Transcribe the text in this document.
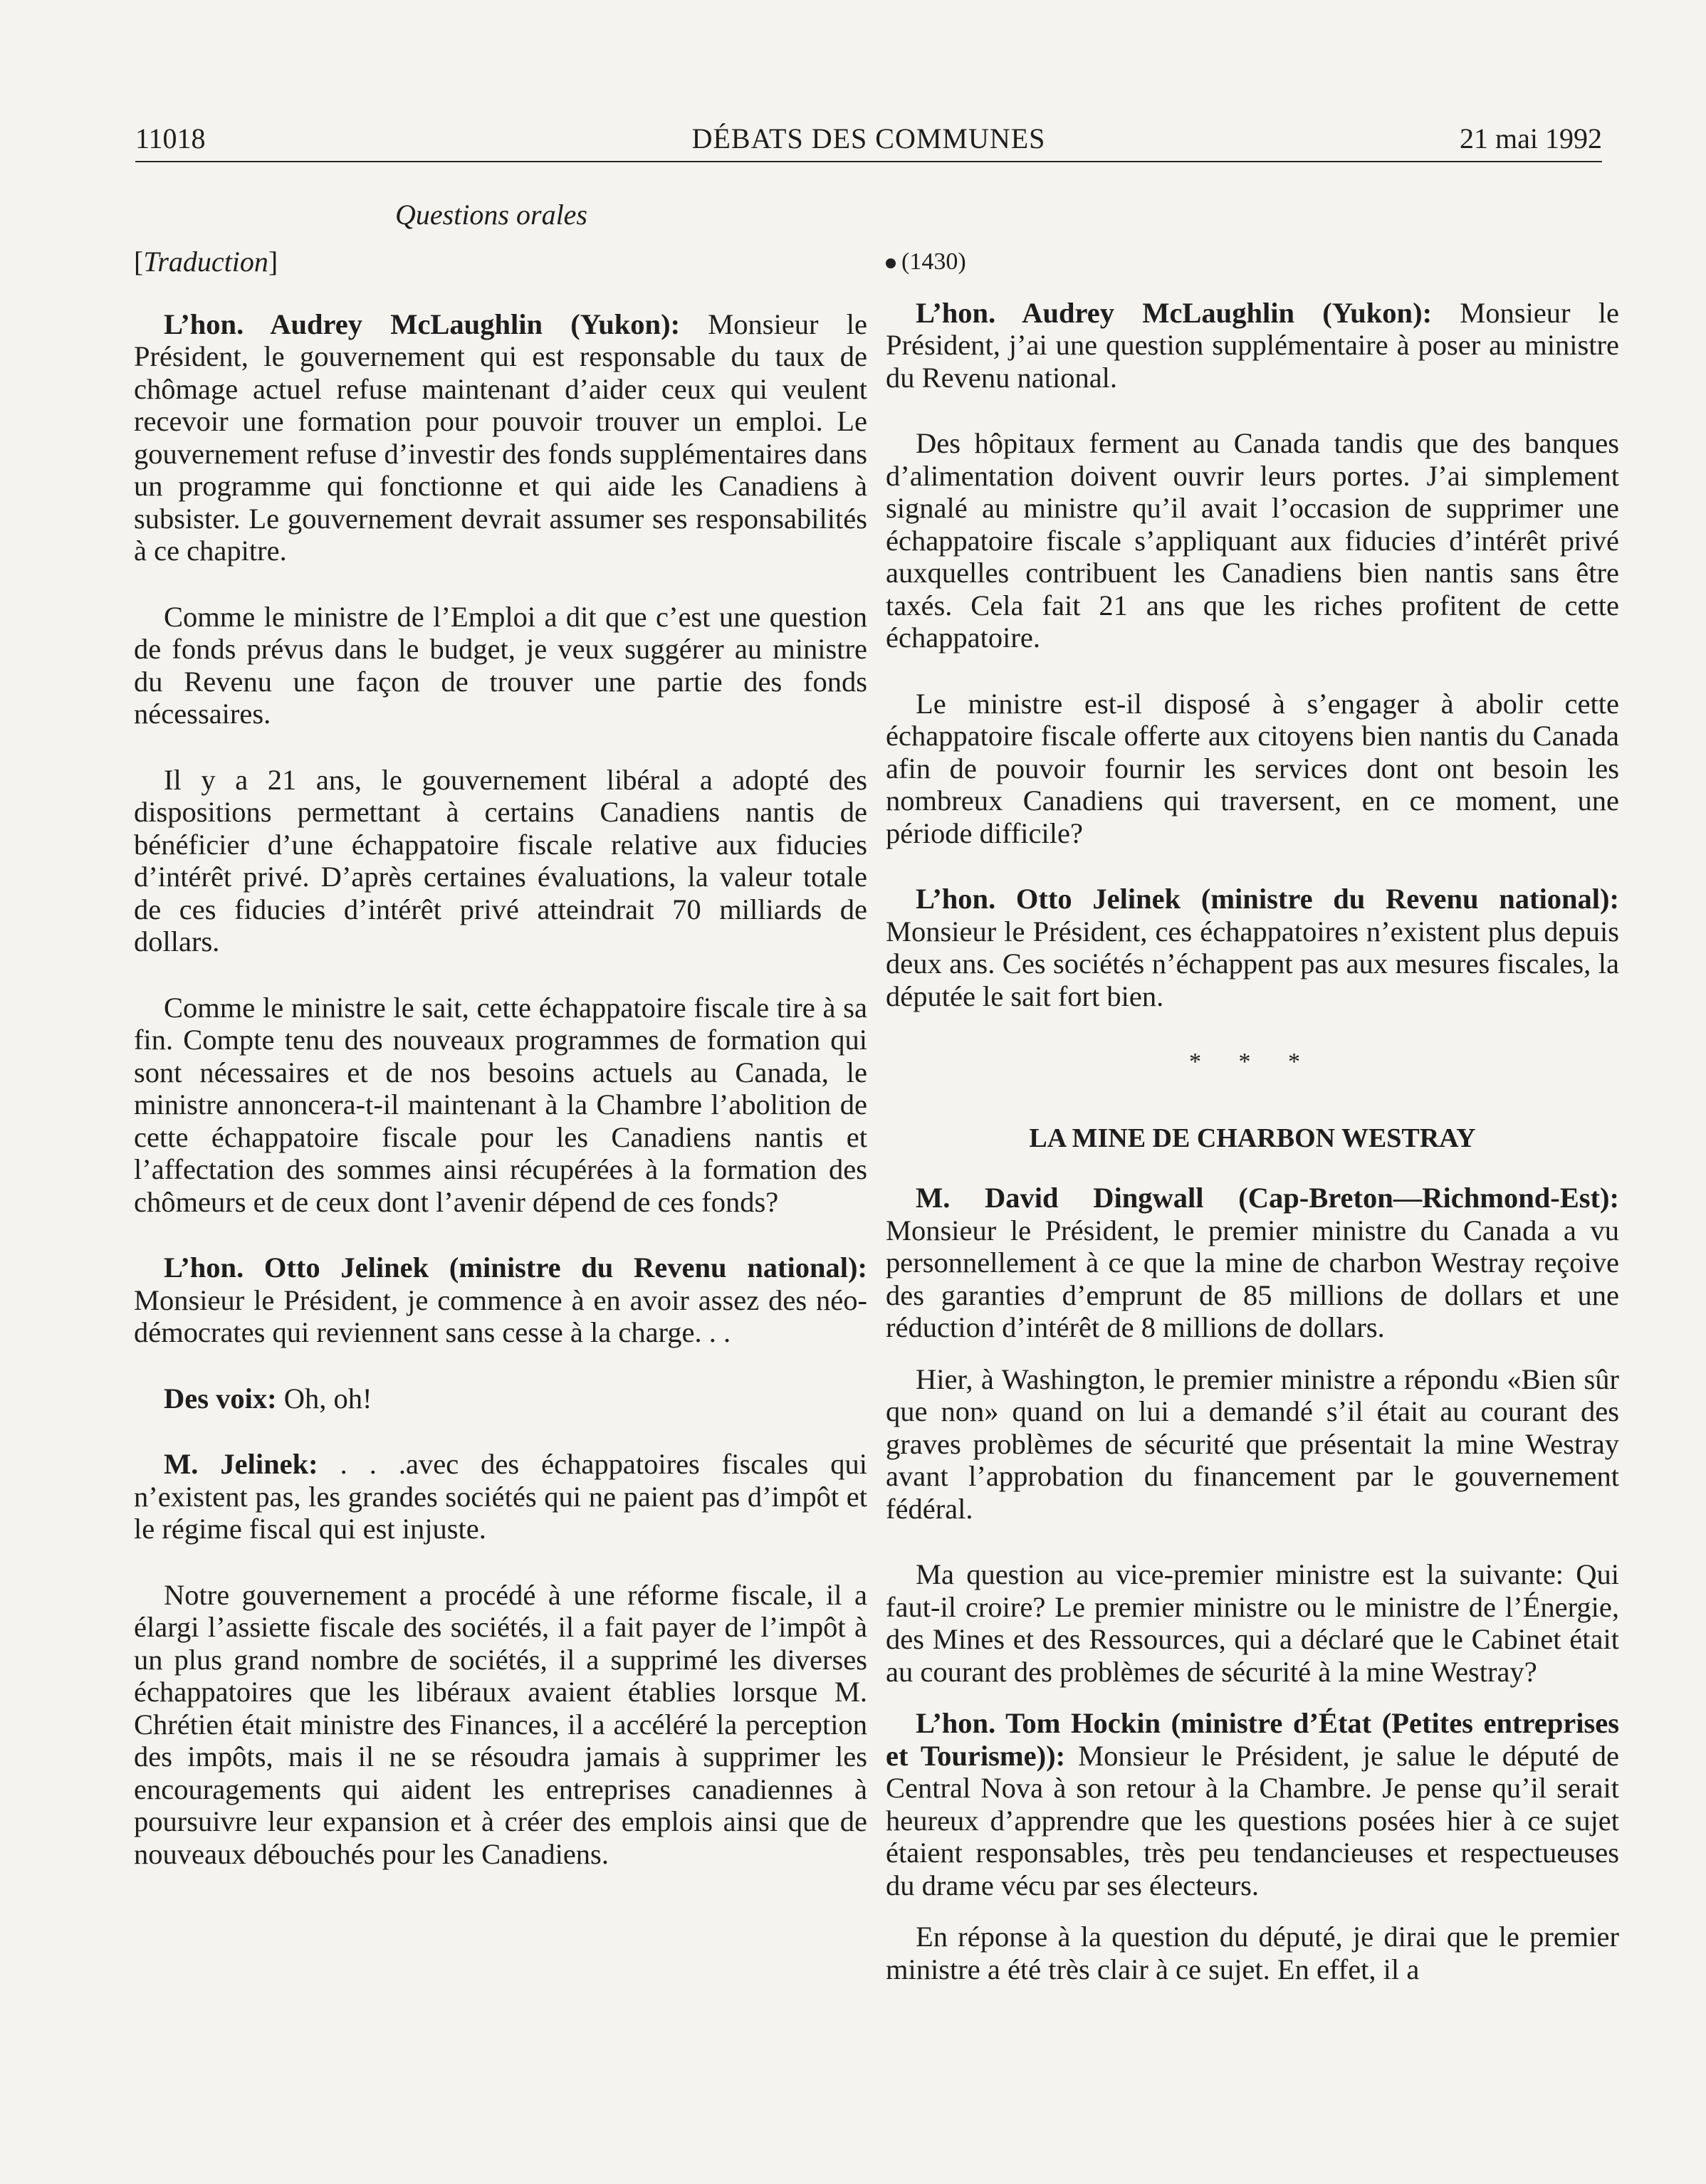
11018	DÉBATS DES COMMUNES	21 mai 1992
Questions orales
[Traduction]

L’hon. Audrey McLaughlin (Yukon): Monsieur le Président, le gouvernement qui est responsable du taux de chômage actuel refuse maintenant d’aider ceux qui veulent recevoir une formation pour pouvoir trouver un emploi. Le gouvernement refuse d’investir des fonds supplémentaires dans un programme qui fonctionne et qui aide les Canadiens à subsister. Le gouvernement devrait assumer ses responsabilités à ce chapitre.

Comme le ministre de l’Emploi a dit que c’est une question de fonds prévus dans le budget, je veux suggérer au ministre du Revenu une façon de trouver une partie des fonds nécessaires.

Il y a 21 ans, le gouvernement libéral a adopté des dispositions permettant à certains Canadiens nantis de bénéficier d’une échappatoire fiscale relative aux fiducies d’intérêt privé. D’après certaines évaluations, la valeur totale de ces fiducies d’intérêt privé atteindrait 70 milliards de dollars.

Comme le ministre le sait, cette échappatoire fiscale tire à sa fin. Compte tenu des nouveaux programmes de formation qui sont nécessaires et de nos besoins actuels au Canada, le ministre annoncera-t-il maintenant à la Chambre l’abolition de cette échappatoire fiscale pour les Canadiens nantis et l’affectation des sommes ainsi récupérées à la formation des chômeurs et de ceux dont l’avenir dépend de ces fonds?

L’hon. Otto Jelinek (ministre du Revenu national): Monsieur le Président, je commence à en avoir assez des néo-démocrates qui reviennent sans cesse à la charge. . .

Des voix: Oh, oh!

M. Jelinek: . . .avec des échappatoires fiscales qui n’existent pas, les grandes sociétés qui ne paient pas d’impôt et le régime fiscal qui est injuste.

Notre gouvernement a procédé à une réforme fiscale, il a élargi l’assiette fiscale des sociétés, il a fait payer de l’impôt à un plus grand nombre de sociétés, il a supprimé les diverses échappatoires que les libéraux avaient établies lorsque M. Chrétien était ministre des Finances, il a accéléré la perception des impôts, mais il ne se résoudra jamais à supprimer les encouragements qui aident les entreprises canadiennes à poursuivre leur expansion et à créer des emplois ainsi que de nouveaux débouchés pour les Canadiens.

(1430)

L’hon. Audrey McLaughlin (Yukon): Monsieur le Président, j’ai une question supplémentaire à poser au ministre du Revenu national.

Des hôpitaux ferment au Canada tandis que des banques d’alimentation doivent ouvrir leurs portes. J’ai simplement signalé au ministre qu’il avait l’occasion de supprimer une échappatoire fiscale s’appliquant aux fiducies d’intérêt privé auxquelles contribuent les Canadiens bien nantis sans être taxés. Cela fait 21 ans que les riches profitent de cette échappatoire.

Le ministre est-il disposé à s’engager à abolir cette échappatoire fiscale offerte aux citoyens bien nantis du Canada afin de pouvoir fournir les services dont ont besoin les nombreux Canadiens qui traversent, en ce moment, une période difficile?

L’hon. Otto Jelinek (ministre du Revenu national): Monsieur le Président, ces échappatoires n’existent plus depuis deux ans. Ces sociétés n’échappent pas aux mesures fiscales, la députée le sait fort bien.

* * *
LA MINE DE CHARBON WESTRAY

M. David Dingwall (Cap-Breton—Richmond-Est): Monsieur le Président, le premier ministre du Canada a vu personnellement à ce que la mine de charbon Westray reçoive des garanties d’emprunt de 85 millions de dollars et une réduction d’intérêt de 8 millions de dollars.

Hier, à Washington, le premier ministre a répondu «Bien sûr que non» quand on lui a demandé s’il était au courant des graves problèmes de sécurité que présentait la mine Westray avant l’approbation du financement par le gouvernement fédéral.

Ma question au vice-premier ministre est la suivante: Qui faut-il croire? Le premier ministre ou le ministre de l’Énergie, des Mines et des Ressources, qui a déclaré que le Cabinet était au courant des problèmes de sécurité à la mine Westray?

L’hon. Tom Hockin (ministre d’État (Petites entreprises et Tourisme)): Monsieur le Président, je salue le député de Central Nova à son retour à la Chambre. Je pense qu’il serait heureux d’apprendre que les questions posées hier à ce sujet étaient responsables, très peu tendancieuses et respectueuses du drame vécu par ses électeurs.

En réponse à la question du député, je dirai que le premier ministre a été très clair à ce sujet. En effet, il a
